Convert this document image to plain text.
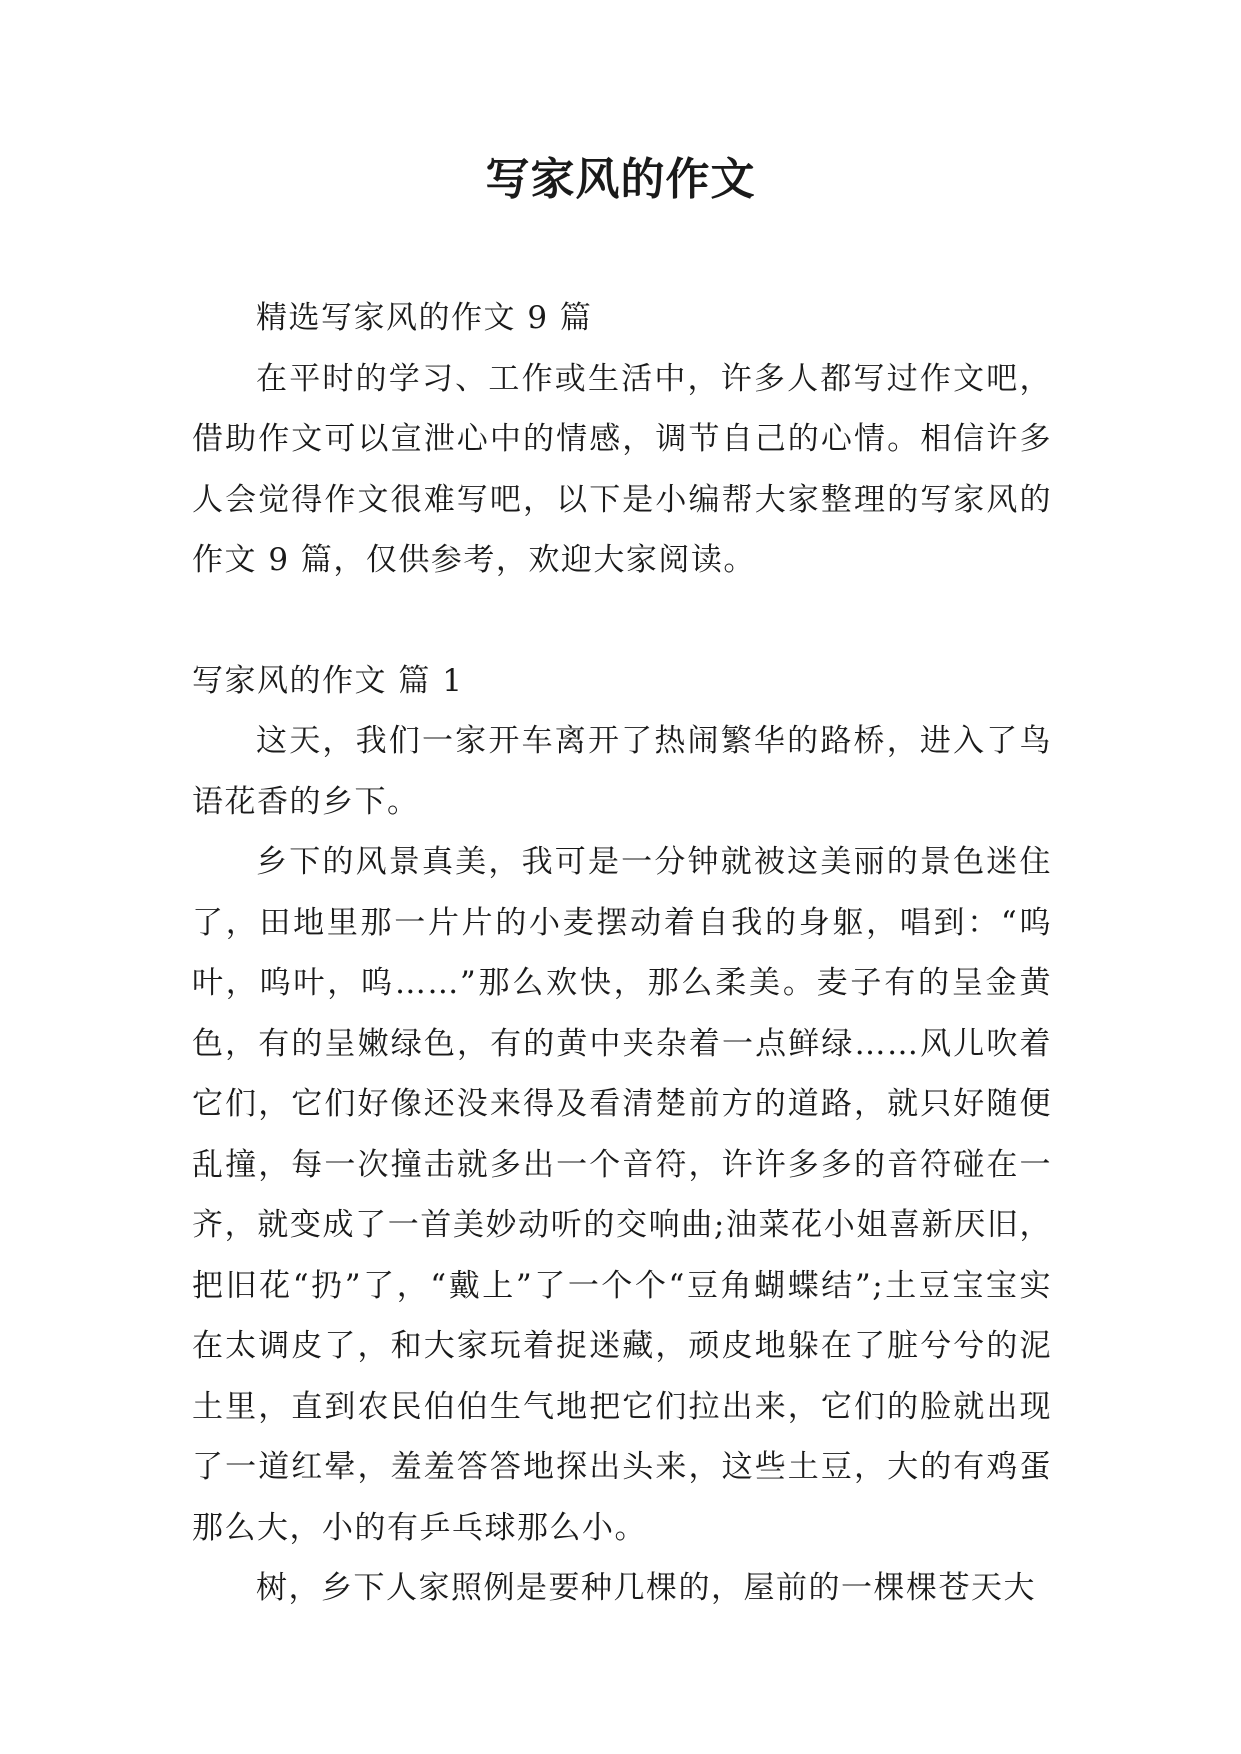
写家风的作文

精选写家风的作文 9 篇

在平时的学习、工作或生活中，许多人都写过作文吧，借助作文可以宣泄心中的情感，调节自己的心情。相信许多人会觉得作文很难写吧，以下是小编帮大家整理的写家风的作文 9 篇，仅供参考，欢迎大家阅读。

写家风的作文 篇 1

这天，我们一家开车离开了热闹繁华的路桥，进入了鸟语花香的乡下。

乡下的风景真美，我可是一分钟就被这美丽的景色迷住了，田地里那一片片的小麦摆动着自我的身躯，唱到：“呜叶，呜叶，呜……”那么欢快，那么柔美。麦子有的呈金黄色，有的呈嫩绿色，有的黄中夹杂着一点鲜绿……风儿吹着它们，它们好像还没来得及看清楚前方的道路，就只好随便乱撞，每一次撞击就多出一个音符，许许多多的音符碰在一齐，就变成了一首美妙动听的交响曲;油菜花小姐喜新厌旧，把旧花“扔”了，“戴上”了一个个“豆角蝴蝶结”;土豆宝宝实在太调皮了，和大家玩着捉迷藏，顽皮地躲在了脏兮兮的泥土里，直到农民伯伯生气地把它们拉出来，它们的脸就出现了一道红晕，羞羞答答地探出头来，这些土豆，大的有鸡蛋那么大，小的有乒乓球那么小。

树，乡下人家照例是要种几棵的，屋前的一棵棵苍天大
